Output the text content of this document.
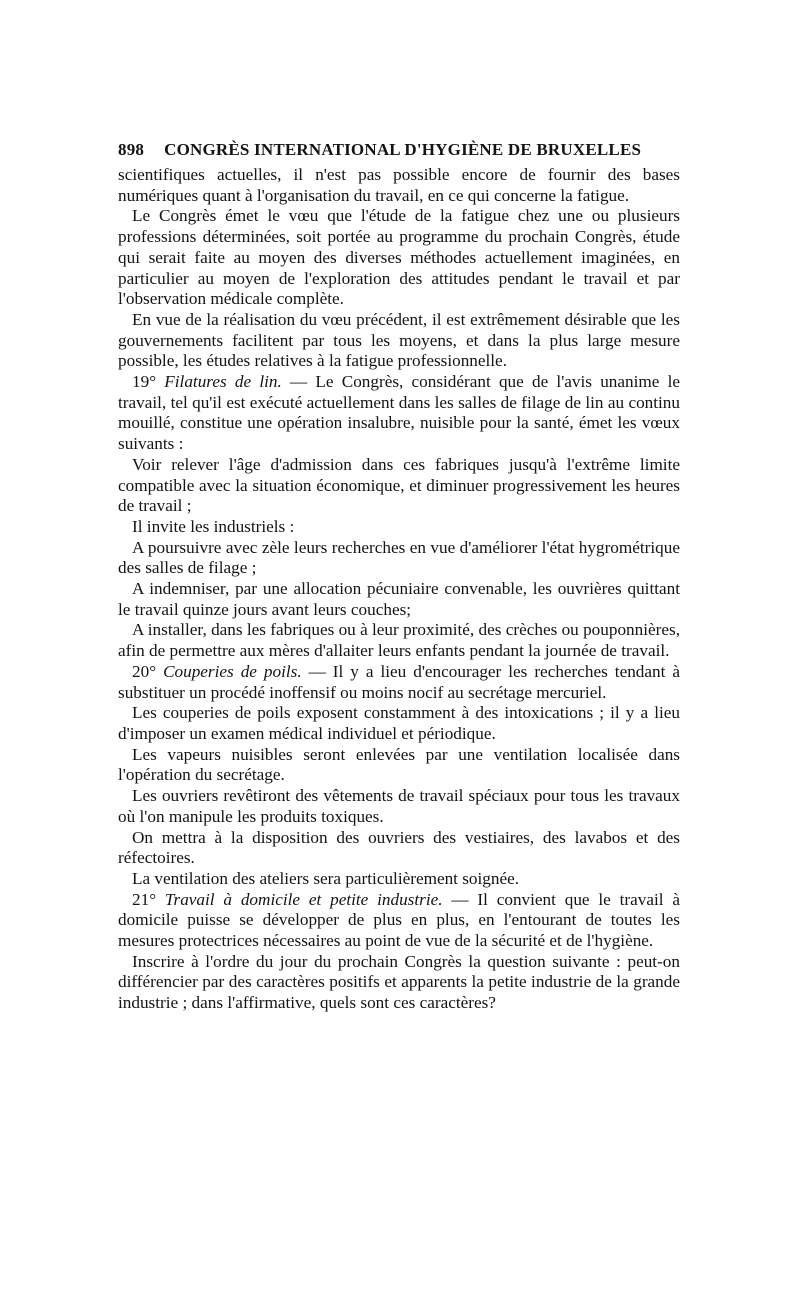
898 CONGRÈS INTERNATIONAL D'HYGIÈNE DE BRUXELLES

scientifiques actuelles, il n'est pas possible encore de fournir des bases numériques quant à l'organisation du travail, en ce qui concerne la fatigue.

Le Congrès émet le vœu que l'étude de la fatigue chez une ou plusieurs professions déterminées, soit portée au programme du prochain Congrès, étude qui serait faite au moyen des diverses méthodes actuellement imaginées, en particulier au moyen de l'exploration des attitudes pendant le travail et par l'observation médicale complète.

En vue de la réalisation du vœu précédent, il est extrêmement désirable que les gouvernements facilitent par tous les moyens, et dans la plus large mesure possible, les études relatives à la fatigue professionnelle.

19° Filatures de lin. — Le Congrès, considérant que de l'avis unanime le travail, tel qu'il est exécuté actuellement dans les salles de filage de lin au continu mouillé, constitue une opération insalubre, nuisible pour la santé, émet les vœux suivants :

Voir relever l'âge d'admission dans ces fabriques jusqu'à l'extrême limite compatible avec la situation économique, et diminuer progressivement les heures de travail ;

Il invite les industriels :

A poursuivre avec zèle leurs recherches en vue d'améliorer l'état hygrométrique des salles de filage ;

A indemniser, par une allocation pécuniaire convenable, les ouvrières quittant le travail quinze jours avant leurs couches;

A installer, dans les fabriques ou à leur proximité, des crèches ou pouponnières, afin de permettre aux mères d'allaiter leurs enfants pendant la journée de travail.

20° Couperies de poils. — Il y a lieu d'encourager les recherches tendant à substituer un procédé inoffensif ou moins nocif au secrétage mercuriel.

Les couperies de poils exposent constamment à des intoxications ; il y a lieu d'imposer un examen médical individuel et périodique.

Les vapeurs nuisibles seront enlevées par une ventilation localisée dans l'opération du secrétage.

Les ouvriers revêtiront des vêtements de travail spéciaux pour tous les travaux où l'on manipule les produits toxiques.

On mettra à la disposition des ouvriers des vestiaires, des lavabos et des réfectoires.

La ventilation des ateliers sera particulièrement soignée.

21° Travail à domicile et petite industrie. — Il convient que le travail à domicile puisse se développer de plus en plus, en l'entourant de toutes les mesures protectrices nécessaires au point de vue de la sécurité et de l'hygiène.

Inscrire à l'ordre du jour du prochain Congrès la question suivante : peut-on différencier par des caractères positifs et apparents la petite industrie de la grande industrie ; dans l'affirmative, quels sont ces caractères?
